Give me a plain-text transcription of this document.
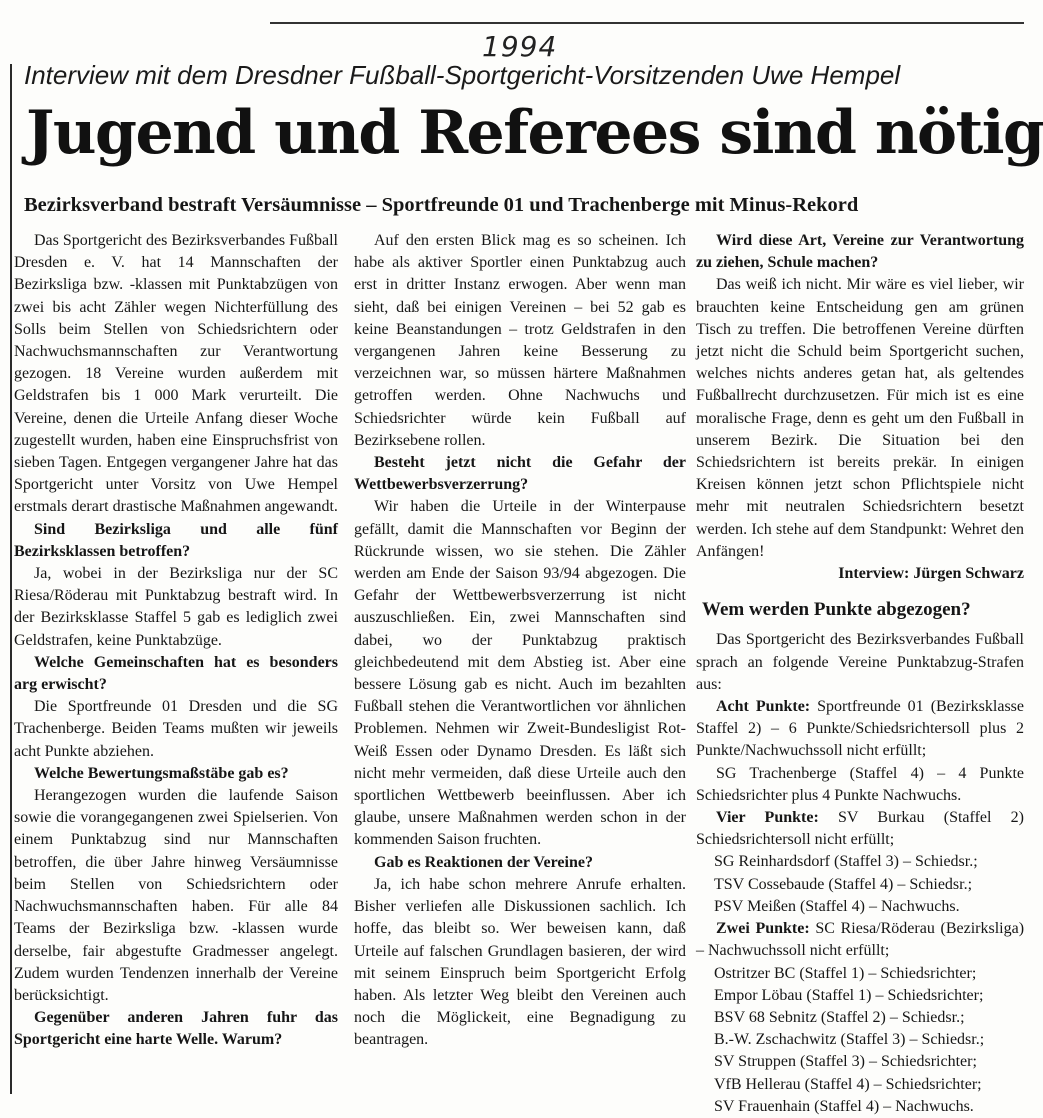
1994
Interview mit dem Dresdner Fußball-Sportgericht-Vorsitzenden Uwe Hempel
Jugend und Referees sind nötig
Bezirksverband bestraft Versäumnisse – Sportfreunde 01 und Trachenberge mit Minus-Rekord

Das Sportgericht des Bezirksverbandes Fußball Dresden e. V. hat 14 Mannschaften der Bezirksliga bzw. -klassen mit Punktabzügen von zwei bis acht Zähler wegen Nichterfüllung des Solls beim Stellen von Schiedsrichtern oder Nachwuchsmannschaften zur Verantwortung gezogen. 18 Vereine wurden außerdem mit Geldstrafen bis 1 000 Mark verurteilt. Die Vereine, denen die Urteile Anfang dieser Woche zugestellt wurden, haben eine Einspruchsfrist von sieben Tagen. Entgegen vergangener Jahre hat das Sportgericht unter Vorsitz von Uwe Hempel erstmals derart drastische Maßnahmen angewandt.

Sind Bezirksliga und alle fünf Bezirksklassen betroffen?

Ja, wobei in der Bezirksliga nur der SC Riesa/Röderau mit Punktabzug bestraft wird. In der Bezirksklasse Staffel 5 gab es lediglich zwei Geldstrafen, keine Punktabzüge.

Welche Gemeinschaften hat es besonders arg erwischt?

Die Sportfreunde 01 Dresden und die SG Trachenberge. Beiden Teams mußten wir jeweils acht Punkte abziehen.

Welche Bewertungsmaßstäbe gab es?

Herangezogen wurden die laufende Saison sowie die vorangegangenen zwei Spielserien. Von einem Punktabzug sind nur Mannschaften betroffen, die über Jahre hinweg Versäumnisse beim Stellen von Schiedsrichtern oder Nachwuchsmannschaften haben. Für alle 84 Teams der Bezirksliga bzw. -klassen wurde derselbe, fair abgestufte Gradmesser angelegt. Zudem wurden Tendenzen innerhalb der Vereine berücksichtigt.

Gegenüber anderen Jahren fuhr das Sportgericht eine harte Welle. Warum?

Auf den ersten Blick mag es so scheinen. Ich habe als aktiver Sportler einen Punktabzug auch erst in dritter Instanz erwogen. Aber wenn man sieht, daß bei einigen Vereinen – bei 52 gab es keine Beanstandungen – trotz Geldstrafen in den vergangenen Jahren keine Besserung zu verzeichnen war, so müssen härtere Maßnahmen getroffen werden. Ohne Nachwuchs und Schiedsrichter würde kein Fußball auf Bezirksebene rollen.

Besteht jetzt nicht die Gefahr der Wettbewerbsverzerrung?

Wir haben die Urteile in der Winterpause gefällt, damit die Mannschaften vor Beginn der Rückrunde wissen, wo sie stehen. Die Zähler werden am Ende der Saison 93/94 abgezogen. Die Gefahr der Wettbewerbsverzerrung ist nicht auszuschließen. Ein, zwei Mannschaften sind dabei, wo der Punktabzug praktisch gleichbedeutend mit dem Abstieg ist. Aber eine bessere Lösung gab es nicht. Auch im bezahlten Fußball stehen die Verantwortlichen vor ähnlichen Problemen. Nehmen wir Zweit-Bundesligist Rot-Weiß Essen oder Dynamo Dresden. Es läßt sich nicht mehr vermeiden, daß diese Urteile auch den sportlichen Wettbewerb beeinflussen. Aber ich glaube, unsere Maßnahmen werden schon in der kommenden Saison fruchten.

Gab es Reaktionen der Vereine?

Ja, ich habe schon mehrere Anrufe erhalten. Bisher verliefen alle Diskussionen sachlich. Ich hoffe, das bleibt so. Wer beweisen kann, daß Urteile auf falschen Grundlagen basieren, der wird mit seinem Einspruch beim Sportgericht Erfolg haben. Als letzter Weg bleibt den Vereinen auch noch die Möglickeit, eine Begnadigung zu beantragen.

Wird diese Art, Vereine zur Verantwortung zu ziehen, Schule machen?

Das weiß ich nicht. Mir wäre es viel lieber, wir brauchten keine Entscheidung gen am grünen Tisch zu treffen. Die betroffenen Vereine dürften jetzt nicht die Schuld beim Sportgericht suchen, welches nichts anderes getan hat, als geltendes Fußballrecht durchzusetzen. Für mich ist es eine moralische Frage, denn es geht um den Fußball in unserem Bezirk. Die Situation bei den Schiedsrichtern ist bereits prekär. In einigen Kreisen können jetzt schon Pflichtspiele nicht mehr mit neutralen Schiedsrichtern besetzt werden. Ich stehe auf dem Standpunkt: Wehret den Anfängen!

Interview: Jürgen Schwarz

Wem werden Punkte abgezogen?

Das Sportgericht des Bezirksverbandes Fußball sprach an folgende Vereine Punktabzug-Strafen aus:

Acht Punkte: Sportfreunde 01 (Bezirksklasse Staffel 2) – 6 Punkte/Schiedsrichtersoll plus 2 Punkte/Nachwuchssoll nicht erfüllt;

SG Trachenberge (Staffel 4) – 4 Punkte Schiedsrichter plus 4 Punkte Nachwuchs.

Vier Punkte: SV Burkau (Staffel 2) Schiedsrichtersoll nicht erfüllt;

SG Reinhardsdorf (Staffel 3) – Schiedsr.;

TSV Cossebaude (Staffel 4) – Schiedsr.;

PSV Meißen (Staffel 4) – Nachwuchs.

Zwei Punkte: SC Riesa/Röderau (Bezirksliga) – Nachwuchssoll nicht erfüllt;

Ostritzer BC (Staffel 1) – Schiedsrichter;

Empor Löbau (Staffel 1) – Schiedsrichter;

BSV 68 Sebnitz (Staffel 2) – Schiedsr.;

B.-W. Zschachwitz (Staffel 3) – Schiedsr.;

SV Struppen (Staffel 3) – Schiedsrichter;

VfB Hellerau (Staffel 4) – Schiedsrichter;

SV Frauenhain (Staffel 4) – Nachwuchs.
